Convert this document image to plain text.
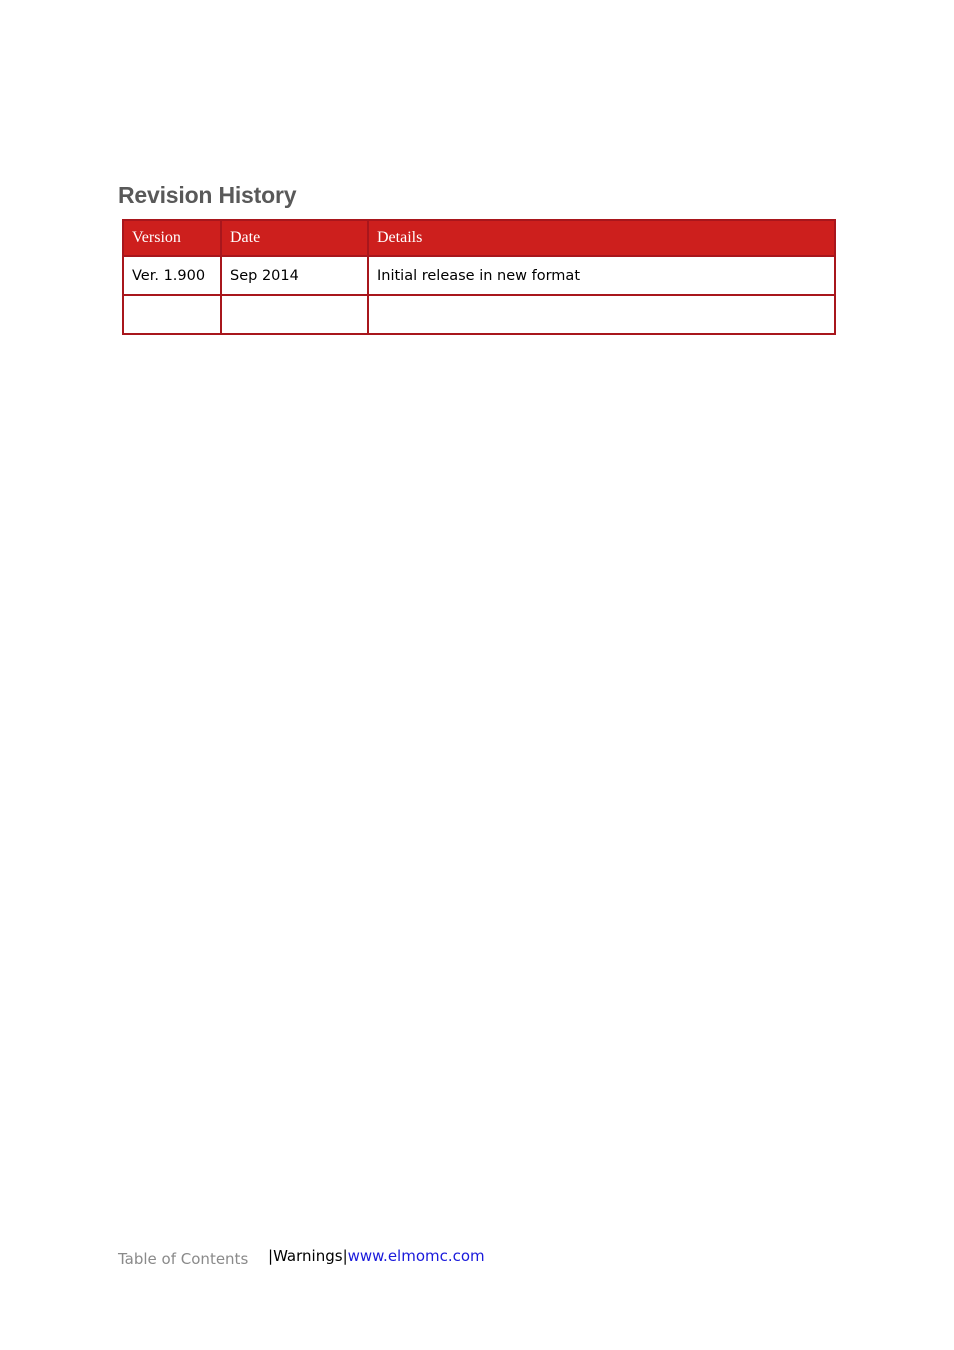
Revision History
Version	Date	Details
Ver. 1.900	Sep 2014	Initial release in new format

Table of Contents |Warnings|www.elmomc.com
